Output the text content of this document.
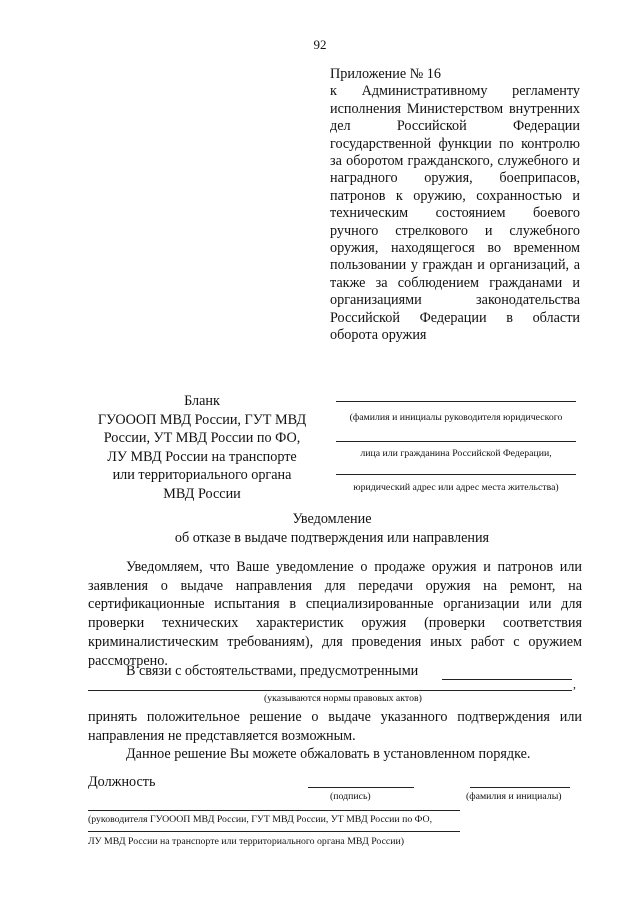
92
Приложение № 16
к Административному регламенту исполнения Министерством внутренних дел Российской Федерации государственной функции по контролю за оборотом гражданского, служебного и наградного оружия, боеприпасов, патронов к оружию, сохранностью и техническим состоянием боевого ручного стрелкового и служебного оружия, находящегося во временном пользовании у граждан и организаций, а также за соблюдением гражданами и организациями законодательства Российской Федерации в области оборота оружия
Бланк
ГУОООП МВД России, ГУТ МВД
России, УТ МВД России по ФО,
ЛУ МВД России на транспорте
или территориального органа
МВД России
(фамилия и инициалы руководителя юридического
лица или гражданина Российской Федерации,
юридический адрес или адрес места жительства)
Уведомление
об отказе в выдаче подтверждения или направления
Уведомляем, что Ваше уведомление о продаже оружия и патронов или заявления о выдаче направления для передачи оружия на ремонт, на сертификационные испытания в специализированные организации или для проверки технических характеристик оружия (проверки соответствия криминалистическим требованиям), для проведения иных работ с оружием рассмотрено.
В связи с обстоятельствами, предусмотренными
,
(указываются нормы правовых актов)
принять положительное решение о выдаче указанного подтверждения или направления не представляется возможным.
Данное решение Вы можете обжаловать в установленном порядке.
Должность
(подпись)	(фамилия и инициалы)
(руководителя ГУОООП МВД России, ГУТ МВД России, УТ МВД России по ФО,
ЛУ МВД России на транспорте или территориального органа МВД России)
